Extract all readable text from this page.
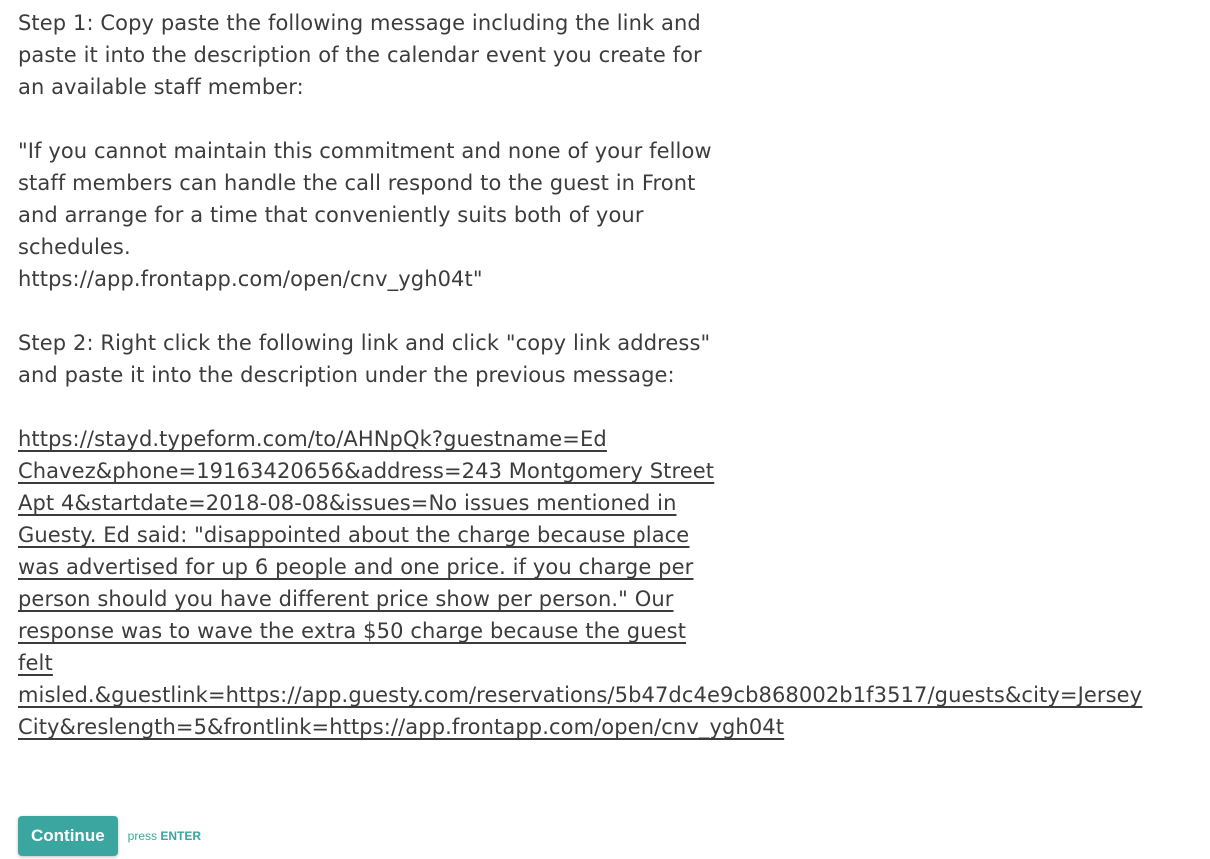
Step 1: Copy paste the following message including the link and
paste it into the description of the calendar event you create for
an available staff member:
"If you cannot maintain this commitment and none of your fellow
staff members can handle the call respond to the guest in Front
and arrange for a time that conveniently suits both of your
schedules.
https://app.frontapp.com/open/cnv_ygh04t"
Step 2: Right click the following link and click "copy link address"
and paste it into the description under the previous message:
https://stayd.typeform.com/to/AHNpQk?guestname=Ed
Chavez&phone=19163420656&address=243 Montgomery Street
Apt 4&startdate=2018-08-08&issues=No issues mentioned in
Guesty. Ed said: "disappointed about the charge because place
was advertised for up 6 people and one price. if you charge per
person should you have different price show per person." Our
response was to wave the extra $50 charge because the guest
felt
misled.&guestlink=https://app.guesty.com/reservations/5b47dc4e9cb868002b1f3517/guests&city=Jersey
City&reslength=5&frontlink=https://app.frontapp.com/open/cnv_ygh04t
Continue	press ENTER
